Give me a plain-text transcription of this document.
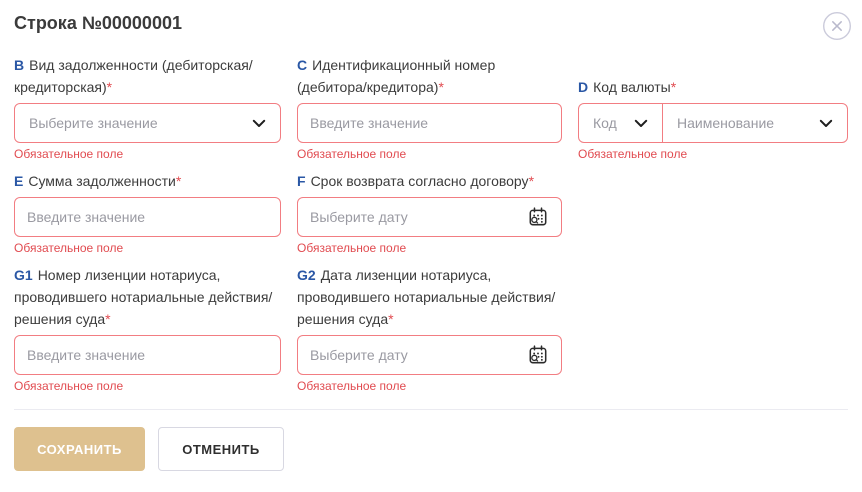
Строка №00000001
B Вид задолженности (дебиторская/​кредиторская)*
Выберите значение
Обязательное поле
C Идентификационный номер (дебитора/​кредитора)*
Введите значение
Обязательное поле
D Код валюты*
Код	Наименование
Обязательное поле
E Сумма задолженности*
Введите значение
Обязательное поле
F Срок возврата согласно договору*
Выберите дату
Обязательное поле
G1 Номер лизенции нотариуса, проводившего нотариальные действия/​решения суда*
Введите значение
Обязательное поле
G2 Дата лизенции нотариуса, проводившего нотариальные действия/​решения суда*
Выберите дату
Обязательное поле
СОХРАНИТЬ	ОТМЕНИТЬ
